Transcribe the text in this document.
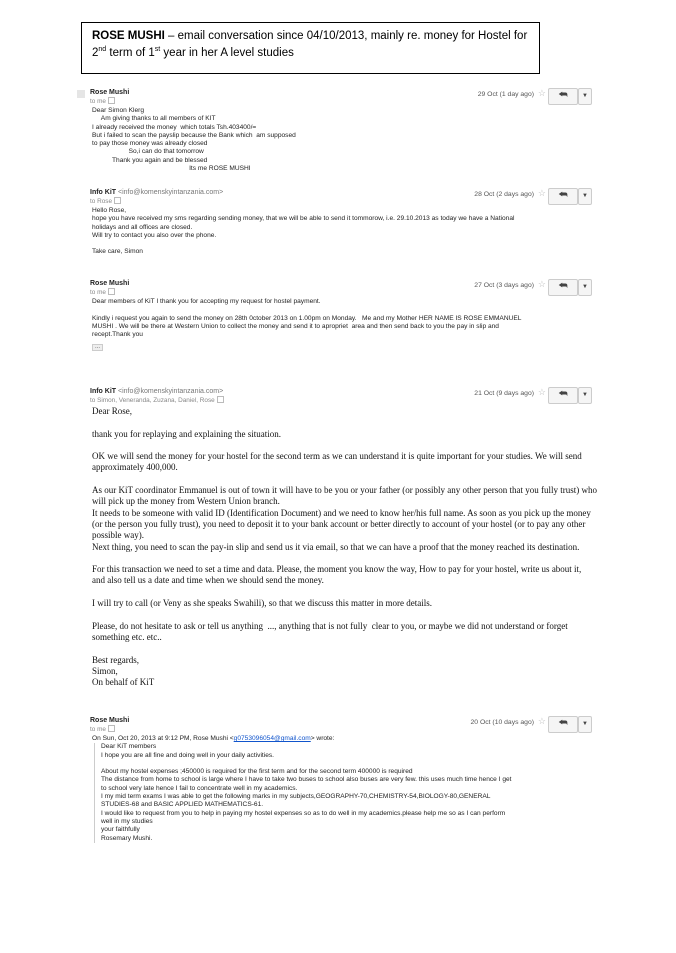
ROSE MUSHI – email conversation since 04/10/2013, mainly re. money for Hostel for
2nd term of 1st year in her A level studies
Rose Mushi
to me
29 Oct (1 day ago) ☆	⮪	▼
Dear Simon Klerg
Am giving thanks to all members of KIT
I already received the money  which totals Tsh.403400/=
But i failed to scan the payslip because the Bank which  am supposed
to pay those money was already closed
So,i can do that tomorrow
Thank you again and be blessed
Its me ROSE MUSHI
Info KiT <info@komenskyintanzania.com>
to Rose
28 Oct (2 days ago) ☆	⮪	▼
Hello Rose,
hope you have received my sms regarding sending money, that we will be able to send it tommorow, i.e. 29.10.2013 as today we have a National
holidays and all offices are closed.
Will try to contact you also over the phone.

Take care, Simon
Rose Mushi
to me
27 Oct (3 days ago) ☆	⮪	▼
Dear members of KiT I thank you for accepting my request for hostel payment.

Kindly i request you again to send the money on 28th 0ctober 2013 on 1.00pm on Monday.   Me and my Mother HER NAME IS ROSE EMMANUEL
MUSHI . We will be there at Western Union to collect the money and send it to apropriet  area and then send back to you the pay in slip and
recept.Thank you
...
Info KiT <info@komenskyintanzania.com>
to Simon, Veneranda, Zuzana, Daniel, Rose
21 Oct (9 days ago) ☆	⮪	▼
Dear Rose,

thank you for replaying and explaining the situation.

OK we will send the money for your hostel for the second term as we can understand it is quite important for your studies. We will send
approximately 400,000.

As our KiT coordinator Emmanuel is out of town it will have to be you or your father (or possibly any other person that you fully trust) who
will pick up the money from Western Union branch.
It needs to be someone with valid ID (Identification Document) and we need to know her/his full name. As soon as you pick up the money
(or the person you fully trust), you need to deposit it to your bank account or better directly to account of your hostel (or to pay any other
possible way).
Next thing, you need to scan the pay-in slip and send us it via email, so that we can have a proof that the money reached its destination.

For this transaction we need to set a time and data. Please, the moment you know the way, How to pay for your hostel, write us about it,
and also tell us a date and time when we should send the money.

I will try to call (or Veny as she speaks Swahili), so that we discuss this matter in more details.

Please, do not hesitate to ask or tell us anything  ..., anything that is not fully  clear to you, or maybe we did not understand or forget
something etc. etc..

Best regards,
Simon,
On behalf of KiT
Rose Mushi
to me
20 Oct (10 days ago) ☆	⮪	▼
On Sun, Oct 20, 2013 at 9:12 PM, Rose Mushi <g0753096054@gmail.com> wrote:
Dear KiT members
I hope you are all fine and doing well in your daily activities.

About my hostel expenses ;450000 is required for the first term and for the second term 400000 is required
The distance from home to school is large where I have to take two buses to school also buses are very few. this uses much time hence I get
to school very late hence I fail to concentrate well in my academics.
I my mid term exams I was able to get the following marks in my subjects,GEOGRAPHY-70,CHEMISTRY-54,BIOLOGY-80,GENERAL
STUDIES-68 and BASIC APPLIED MATHEMATICS-61.
I would like to request from you to help in paying my hostel expenses so as to do well in my academics.please help me so as I can perform
well in my studies
your faithfully
Rosemary Mushi.
